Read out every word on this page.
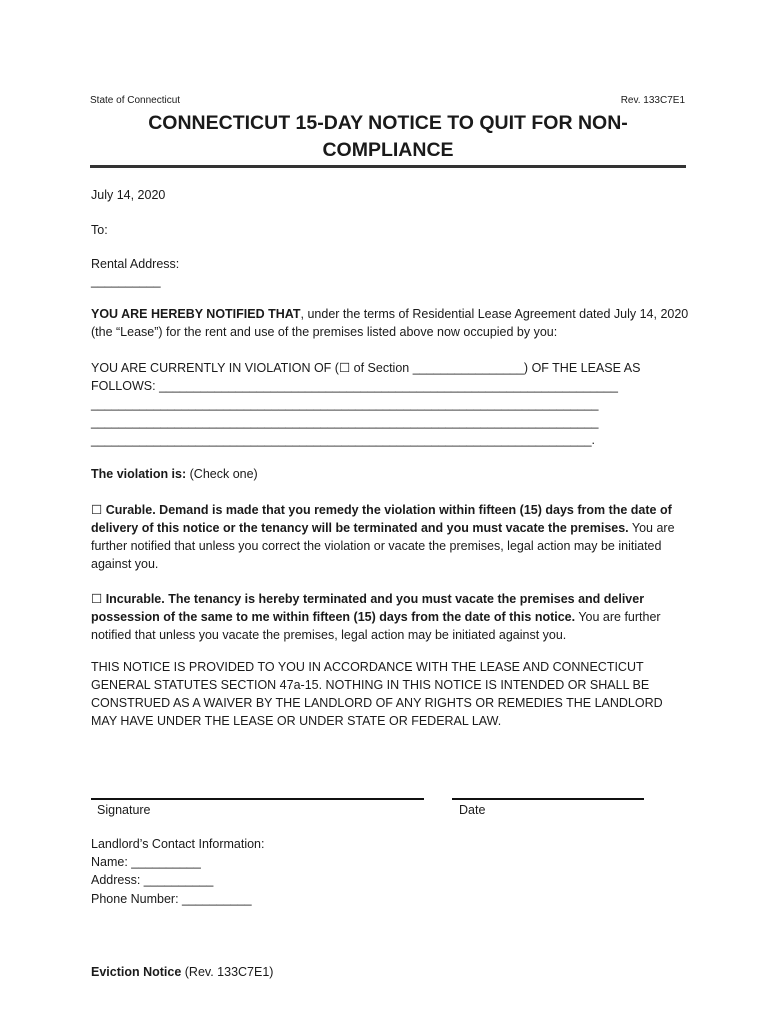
State of Connecticut	Rev. 133C7E1
CONNECTICUT 15-DAY NOTICE TO QUIT FOR NON-COMPLIANCE
July 14, 2020
To:
Rental Address:
__________
YOU ARE HEREBY NOTIFIED THAT, under the terms of Residential Lease Agreement dated July 14, 2020 (the “Lease”) for the rent and use of the premises listed above now occupied by you:
YOU ARE CURRENTLY IN VIOLATION OF (☐ of Section ________________) OF THE LEASE AS
FOLLOWS: __________________________________________________________________
_________________________________________________________________________
_________________________________________________________________________
________________________________________________________________________.
The violation is: (Check one)
☐ Curable. Demand is made that you remedy the violation within fifteen (15) days from the date of delivery of this notice or the tenancy will be terminated and you must vacate the premises. You are further notified that unless you correct the violation or vacate the premises, legal action may be initiated against you.
☐ Incurable. The tenancy is hereby terminated and you must vacate the premises and deliver possession of the same to me within fifteen (15) days from the date of this notice. You are further notified that unless you vacate the premises, legal action may be initiated against you.
THIS NOTICE IS PROVIDED TO YOU IN ACCORDANCE WITH THE LEASE AND CONNECTICUT GENERAL STATUTES SECTION 47a-15. NOTHING IN THIS NOTICE IS INTENDED OR SHALL BE CONSTRUED AS A WAIVER BY THE LANDLORD OF ANY RIGHTS OR REMEDIES THE LANDLORD MAY HAVE UNDER THE LEASE OR UNDER STATE OR FEDERAL LAW.
Signature	Date
Landlord’s Contact Information:
Name: __________
Address: __________
Phone Number: __________
Eviction Notice (Rev. 133C7E1)
